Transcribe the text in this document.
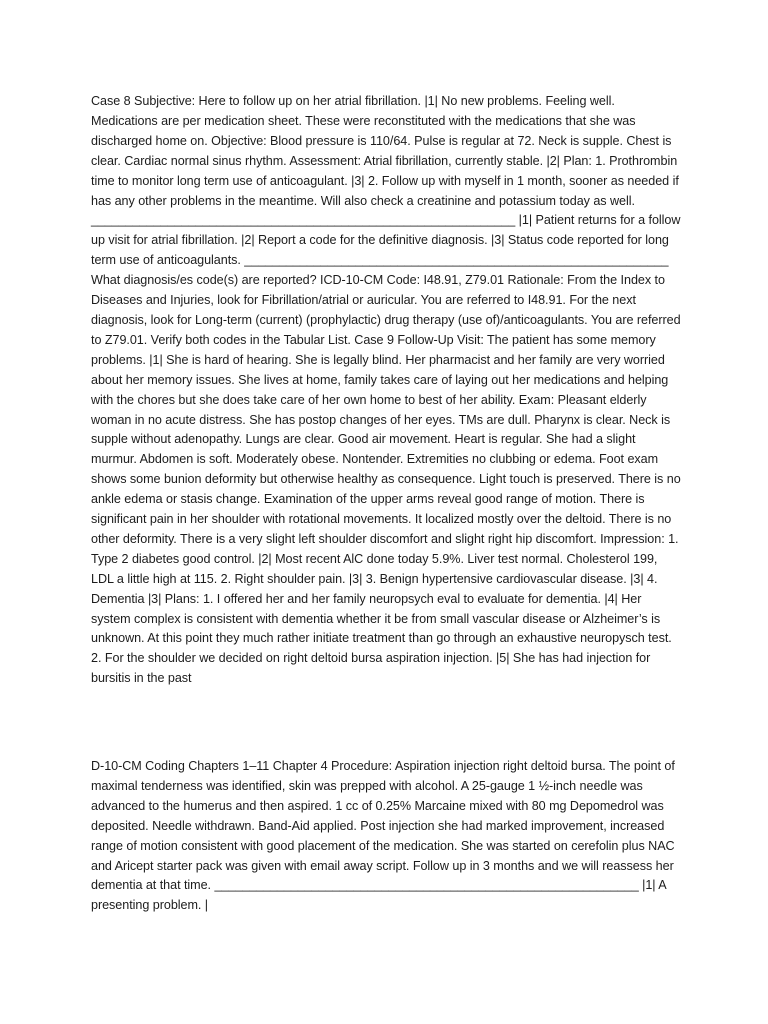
Case 8 Subjective: Here to follow up on her atrial fibrillation. |1| No new problems. Feeling well. Medications are per medication sheet. These were reconstituted with the medications that she was discharged home on. Objective: Blood pressure is 110/64. Pulse is regular at 72. Neck is supple. Chest is clear. Cardiac normal sinus rhythm. Assessment: Atrial fibrillation, currently stable. |2| Plan: 1. Prothrombin time to monitor long term use of anticoagulant. |3| 2. Follow up with myself in 1 month, sooner as needed if has any other problems in the meantime. Will also check a creatinine and potassium today as well. _____________________________________________________________ |1| Patient returns for a follow up visit for atrial fibrillation. |2| Report a code for the definitive diagnosis. |3| Status code reported for long term use of anticoagulants. _____________________________________________________________ What diagnosis/es code(s) are reported? ICD-10-CM Code: I48.91, Z79.01 Rationale: From the Index to Diseases and Injuries, look for Fibrillation/atrial or auricular. You are referred to I48.91. For the next diagnosis, look for Long-term (current) (prophylactic) drug therapy (use of)/anticoagulants. You are referred to Z79.01. Verify both codes in the Tabular List. Case 9 Follow-Up Visit: The patient has some memory problems. |1| She is hard of hearing. She is legally blind. Her pharmacist and her family are very worried about her memory issues. She lives at home, family takes care of laying out her medications and helping with the chores but she does take care of her own home to best of her ability. Exam: Pleasant elderly woman in no acute distress. She has postop changes of her eyes. TMs are dull. Pharynx is clear. Neck is supple without adenopathy. Lungs are clear. Good air movement. Heart is regular. She had a slight murmur. Abdomen is soft. Moderately obese. Nontender. Extremities no clubbing or edema. Foot exam shows some bunion deformity but otherwise healthy as consequence. Light touch is preserved. There is no ankle edema or stasis change. Examination of the upper arms reveal good range of motion. There is significant pain in her shoulder with rotational movements. It localized mostly over the deltoid. There is no other deformity. There is a very slight left shoulder discomfort and slight right hip discomfort. Impression: 1. Type 2 diabetes good control. |2| Most recent AlC done today 5.9%. Liver test normal. Cholesterol 199, LDL a little high at 115. 2. Right shoulder pain. |3| 3. Benign hypertensive cardiovascular disease. |3| 4. Dementia |3| Plans: 1. I offered her and her family neuropsych eval to evaluate for dementia. |4| Her system complex is consistent with dementia whether it be from small vascular disease or Alzheimer’s is unknown. At this point they much rather initiate treatment than go through an exhaustive neuropysch test. 2. For the shoulder we decided on right deltoid bursa aspiration injection. |5| She has had injection for bursitis in the past

D-10-CM Coding Chapters 1–11 Chapter 4 Procedure: Aspiration injection right deltoid bursa. The point of maximal tenderness was identified, skin was prepped with alcohol. A 25-gauge 1 ½-inch needle was advanced to the humerus and then aspired. 1 cc of 0.25% Marcaine mixed with 80 mg Depomedrol was deposited. Needle withdrawn. Band-Aid applied. Post injection she had marked improvement, increased range of motion consistent with good placement of the medication. She was started on cerefolin plus NAC and Aricept starter pack was given with email away script. Follow up in 3 months and we will reassess her dementia at that time. _____________________________________________________________ |1| A presenting problem. |
